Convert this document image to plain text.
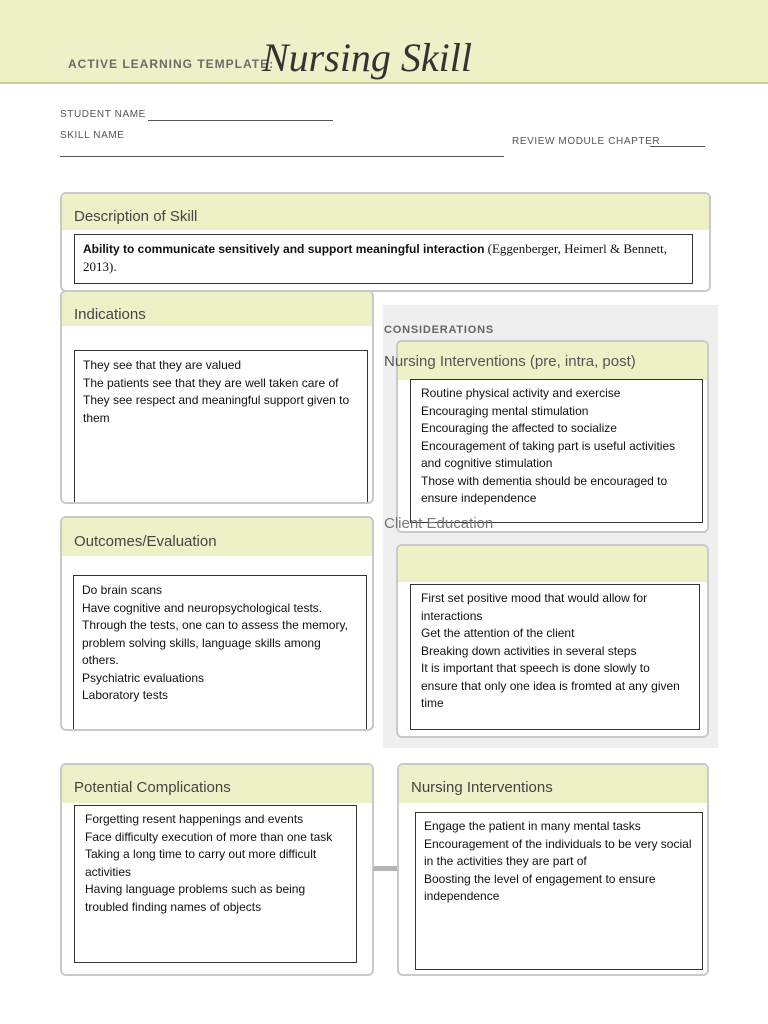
ACTIVE LEARNING TEMPLATE:
Nursing Skill
STUDENT NAME
SKILL NAME
REVIEW MODULE CHAPTER
Description of Skill
Ability to communicate sensitively and support meaningful interaction (Eggenberger, Heimerl & Bennett, 2013).
Indications
They see that they are valued
The patients see that they are well taken care of
They see respect and meaningful support given to them
CONSIDERATIONS
Routine physical activity and exercise
Encouraging mental stimulation
Encouraging the affected to socialize
Encouragement of taking part is useful activities and cognitive stimulation
Those with dementia should be encouraged to ensure independence
Nursing Interventions (pre, intra, post)
Client Education
First set positive mood that would allow for interactions
Get the attention of the client
Breaking down activities in several steps
It is important that speech is done slowly to ensure that only one idea is fromted at any given time
Outcomes/Evaluation
Do brain scans
Have cognitive and neuropsychological tests.
Through the tests, one can to assess the memory, problem solving skills, language skills among others.
Psychiatric evaluations
Laboratory tests
Potential Complications
Forgetting resent happenings and events
Face difficulty execution of more than one task
Taking a long time to carry out more difficult activities
Having language problems such as being troubled finding names of objects
Nursing Interventions
Engage the patient in many mental tasks
Encouragement of the individuals to be very social in the activities they are part of
Boosting the level of engagement to ensure independence
